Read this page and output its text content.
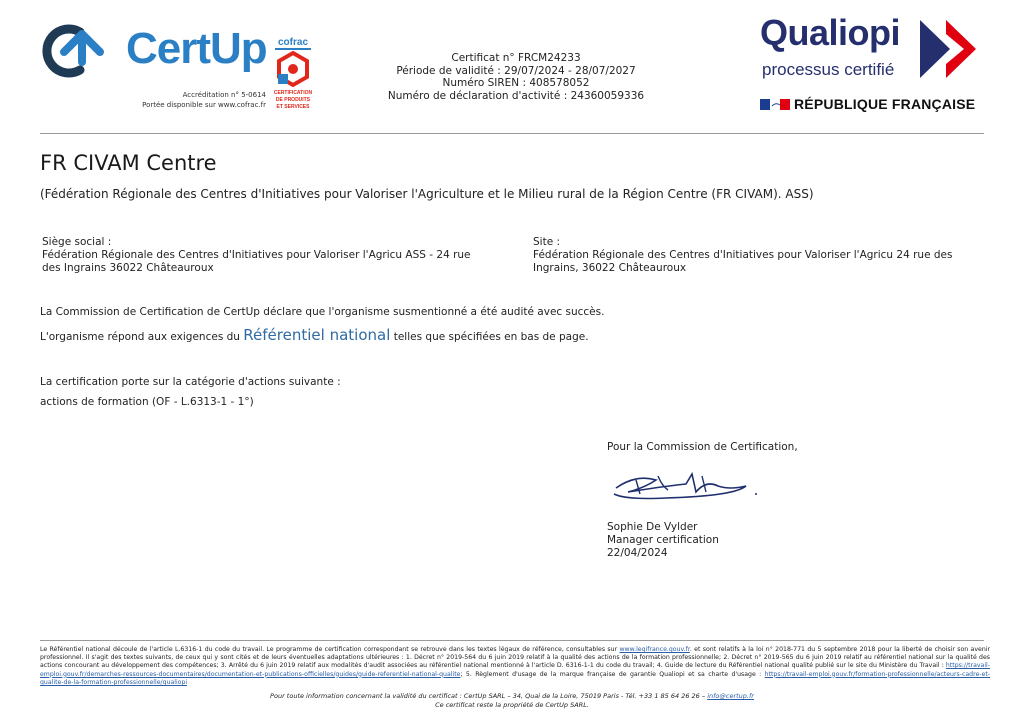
CertUp
Accréditation n° 5-0614
Portée disponible sur www.cofrac.fr
cofrac
CERTIFICATION
DE PRODUITS
ET SERVICES
Certificat n° FRCM24233
Période de validité : 29/07/2024 - 28/07/2027
Numéro SIREN : 408578052
Numéro de déclaration d'activité : 24360059336
Qualiopi
processus certifié
RÉPUBLIQUE FRANÇAISE
FR CIVAM Centre
(Fédération Régionale des Centres d'Initiatives pour Valoriser l'Agriculture et le Milieu rural de la Région Centre (FR CIVAM). ASS)
Siège social :
Fédération Régionale des Centres d'Initiatives pour Valoriser l'Agricu ASS - 24 rue
des Ingrains 36022 Châteauroux
Site :
Fédération Régionale des Centres d'Initiatives pour Valoriser l'Agricu 24 rue des
Ingrains, 36022 Châteauroux
La Commission de Certification de CertUp déclare que l'organisme susmentionné a été audité avec succès.
L'organisme répond aux exigences du Référentiel national telles que spécifiées en bas de page.
La certification porte sur la catégorie d'actions suivante :
actions de formation (OF - L.6313-1 - 1°)
Pour la Commission de Certification,
Sophie De Vylder
Manager certification
22/04/2024
Le Référentiel national découle de l'article L.6316-1 du code du travail. Le programme de certification correspondant se retrouve dans les textes légaux de référence, consultables sur www.legifrance.gouv.fr. et sont relatifs à la loi n° 2018-771 du 5 septembre 2018 pour la liberté de choisir son avenir professionnel. Il s'agit des textes suivants, de ceux qui y sont cités et de leurs éventuelles adaptations ultérieures : 1. Décret n° 2019-564 du 6 juin 2019 relatif à la qualité des actions de la formation professionnelle; 2. Décret n° 2019-565 du 6 juin 2019 relatif au référentiel national sur la qualité des actions concourant au développement des compétences; 3. Arrêté du 6 juin 2019 relatif aux modalités d'audit associées au référentiel national mentionné à l'article D. 6316-1-1 du code du travail; 4. Guide de lecture du Référentiel national qualité publié sur le site du Ministère du Travail : https://travail-emploi.gouv.fr/demarches-ressources-documentaires/documentation-et-publications-officielles/guides/guide-referentiel-national-qualite; 5. Règlement d'usage de la marque française de garantie Qualiopi et sa charte d'usage : https://travail-emploi.gouv.fr/formation-professionnelle/acteurs-cadre-et-qualite-de-la-formation-professionnelle/qualiopi
Pour toute information concernant la validité du certificat : CertUp SARL – 34, Quai de la Loire, 75019 Paris - Tél. +33 1 85 64 26 26 – info@certup.fr
Ce certificat reste la propriété de CertUp SARL.
